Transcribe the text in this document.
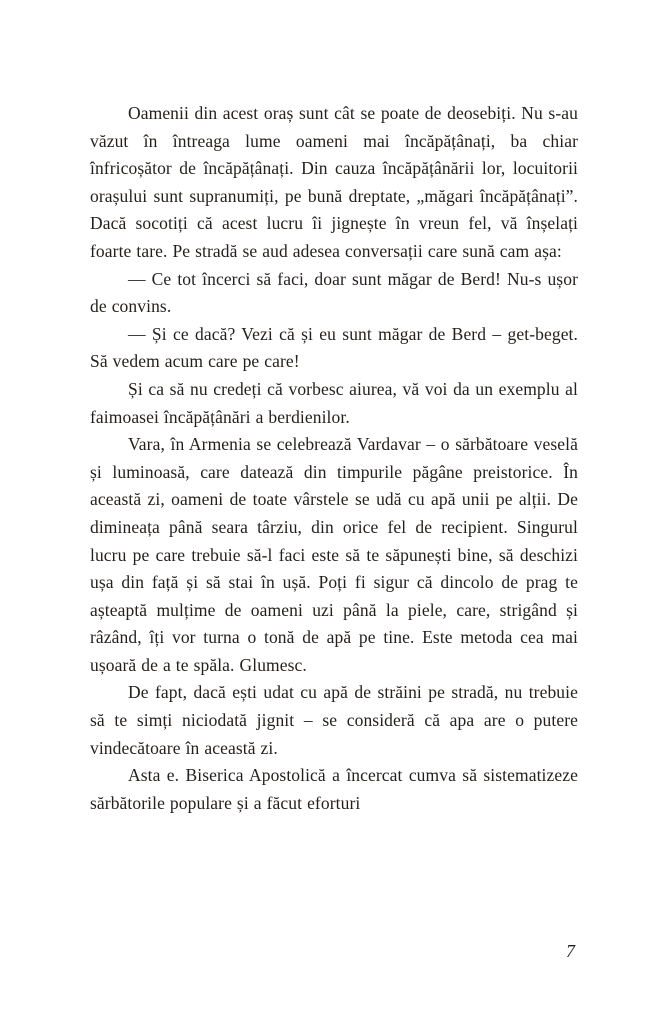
Oamenii din acest oraș sunt cât se poate de deosebiți. Nu s-au văzut în întreaga lume oameni mai încăpățânați, ba chiar înfricoșător de încăpățânați. Din cauza încăpățânării lor, locuitorii orașului sunt supranumiți, pe bună dreptate, „măgari încăpățânați”. Dacă socotiți că acest lucru îi jignește în vreun fel, vă înșelați foarte tare. Pe stradă se aud adesea conversații care sună cam așa:

— Ce tot încerci să faci, doar sunt măgar de Berd! Nu-s ușor de convins.

— Și ce dacă? Vezi că și eu sunt măgar de Berd – get-beget. Să vedem acum care pe care!

Și ca să nu credeți că vorbesc aiurea, vă voi da un exemplu al faimoasei încăpățânări a berdienilor.

Vara, în Armenia se celebrează Vardavar – o sărbătoare veselă și luminoasă, care datează din timpurile păgâne preistorice. În această zi, oameni de toate vârstele se udă cu apă unii pe alții. De dimineața până seara târziu, din orice fel de recipient. Singurul lucru pe care trebuie să-l faci este să te săpunești bine, să deschizi ușa din față și să stai în ușă. Poți fi sigur că dincolo de prag te așteaptă mulțime de oameni uzi până la piele, care, strigând și râzând, îți vor turna o tonă de apă pe tine. Este metoda cea mai ușoară de a te spăla. Glumesc.

De fapt, dacă ești udat cu apă de străini pe stradă, nu trebuie să te simți niciodată jignit – se consideră că apa are o putere vindecătoare în această zi.

Asta e. Biserica Apostolică a încercat cumva să sistematizeze sărbătorile populare și a făcut eforturi

7
